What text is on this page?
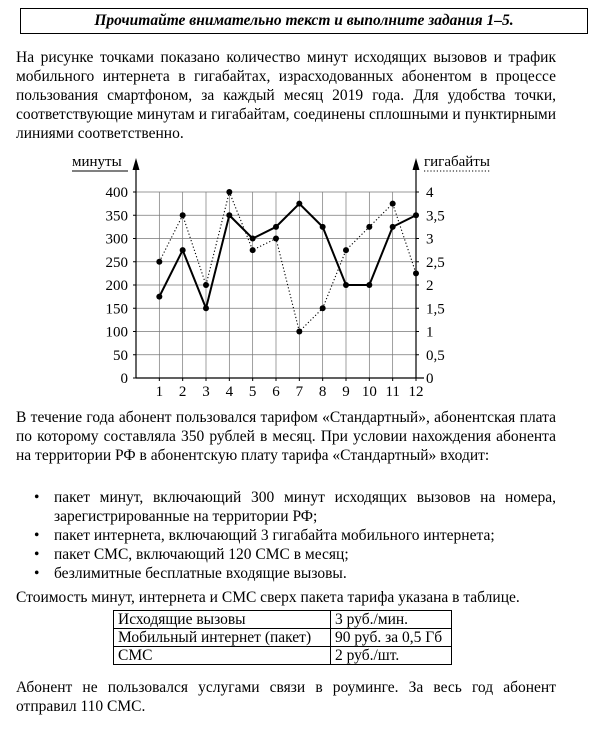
Прочитайте внимательно текст и выполните задания 1–5.

На рисунке точками показано количество минут исходящих вызовов и трафик мобильного интернета в гигабайтах, израсходованных абонентом в процессе пользования смартфоном, за каждый месяц 2019 года. Для удобства точки, соответствующие минутам и гигабайтам, соединены сплошными и пунктирными линиями соответственно.

0
50
100
150
200
250
300
350
400
0
0,5
1
1,5
2
2,5
3
3,5
4
1 2 3 4 5 6 7 8 9 10 11 12
минуты	гигабайты

В течение года абонент пользовался тарифом «Стандартный», абонентская плата по которому составляла 350 рублей в месяц. При условии нахождения абонента на территории РФ в абонентскую плату тарифа «Стандартный» входит:

• пакет минут, включающий 300 минут исходящих вызовов на номера, зарегистрированные на территории РФ;
• пакет интернета, включающий 3 гигабайта мобильного интернета;
• пакет СМС, включающий 120 СМС в месяц;
• безлимитные бесплатные входящие вызовы.

Стоимость минут, интернета и СМС сверх пакета тарифа указана в таблице.

Исходящие вызовы	3 руб./мин.
Мобильный интернет (пакет)	90 руб. за 0,5 Гб
СМС	2 руб./шт.

Абонент не пользовался услугами связи в роуминге. За весь год абонент отправил 110 СМС.
